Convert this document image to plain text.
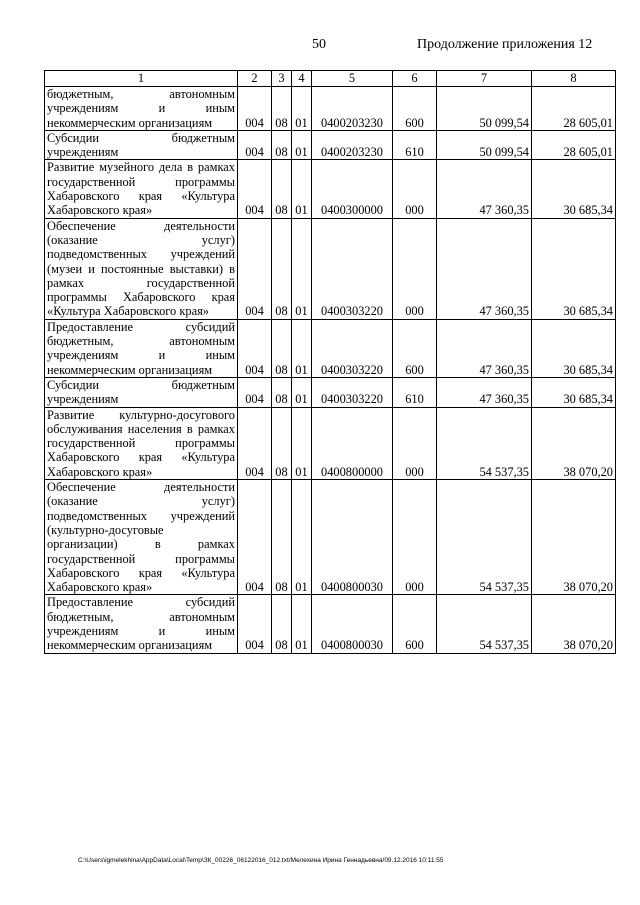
50	Продолжение приложения 12
1	2	3	4	5	6	7	8
бюджетным, автономным учреждениям и иным некоммерческим организациям	004	08	01	0400203230	600	50 099,54	28 605,01
Субсидии бюджетным учреждениям	004	08	01	0400203230	610	50 099,54	28 605,01
Развитие музейного дела в рамках государственной программы Хабаровского края «Культура Хабаровского края»	004	08	01	0400300000	000	47 360,35	30 685,34
Обеспечение деятельности (оказание услуг) подведомственных учреждений (музеи и постоянные выставки) в рамках государственной программы Хабаровского края «Культура Хабаровского края»	004	08	01	0400303220	000	47 360,35	30 685,34
Предоставление субсидий бюджетным, автономным учреждениям и иным некоммерческим организациям	004	08	01	0400303220	600	47 360,35	30 685,34
Субсидии бюджетным учреждениям	004	08	01	0400303220	610	47 360,35	30 685,34
Развитие культурно-досугового обслуживания населения в рамках государственной программы Хабаровского края «Культура Хабаровского края»	004	08	01	0400800000	000	54 537,35	38 070,20
Обеспечение деятельности (оказание услуг) подведомственных учреждений (культурно-досуговые организации) в рамках государственной программы Хабаровского края «Культура Хабаровского края»	004	08	01	0400800030	000	54 537,35	38 070,20
Предоставление субсидий бюджетным, автономным учреждениям и иным некоммерческим организациям	004	08	01	0400800030	600	54 537,35	38 070,20
C:\Users\igmelekhina\AppData\Local\Temp\ЗК_00226_06122016_012.txt/Мелехина Ирина Геннадьевна/09.12.2016 10:11:55
